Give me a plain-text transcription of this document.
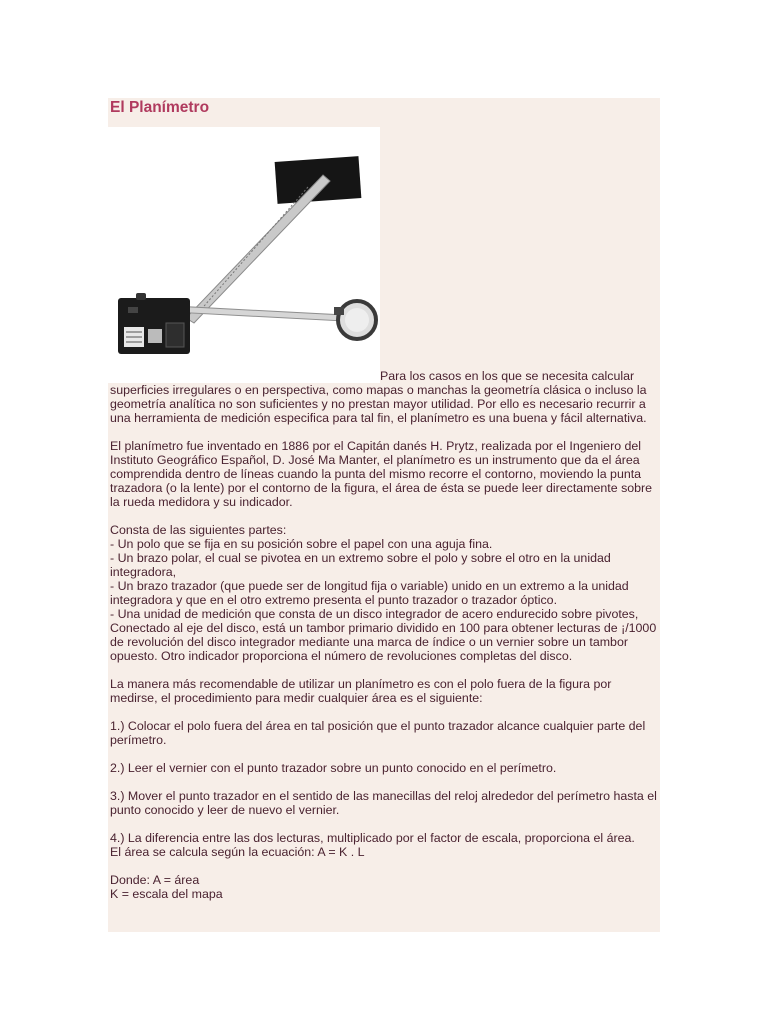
El Planímetro

Para los casos en los que se necesita calcular superficies irregulares o en perspectiva, como mapas o manchas la geometría clásica o incluso la geometría analítica no son suficientes y no prestan mayor utilidad. Por ello es necesario recurrir a una herramienta de medición especifica para tal fin, el planímetro es una buena y fácil alternativa.

El planímetro fue inventado en 1886 por el Capitán danés H. Prytz, realizada por el Ingeniero del Instituto Geográfico Español, D. José Ma Manter, el planímetro es un instrumento que da el área comprendida dentro de líneas cuando la punta del mismo recorre el contorno, moviendo la punta trazadora (o la lente) por el contorno de la figura, el área de ésta se puede leer directamente sobre la rueda medidora y su indicador.

Consta de las siguientes partes:
- Un polo que se fija en su posición sobre el papel con una aguja fina.
- Un brazo polar, el cual se pivotea en un extremo sobre el polo y sobre el otro en la unidad integradora,
- Un brazo trazador (que puede ser de longitud fija o variable) unido en un extremo a la unidad integradora y que en el otro extremo presenta el punto trazador o trazador óptico.
- Una unidad de medición que consta de un disco integrador de acero endurecido sobre pivotes, Conectado al eje del disco, está un tambor primario dividido en 100 para obtener lecturas de ¡/1000 de revolución del disco integrador mediante una marca de índice o un vernier sobre un tambor opuesto. Otro indicador proporciona el número de revoluciones completas del disco.

La manera más recomendable de utilizar un planímetro es con el polo fuera de la figura por medirse, el procedimiento para medir cualquier área es el siguiente:

1.) Colocar el polo fuera del área en tal posición que el punto trazador alcance cualquier parte del perímetro.

2.) Leer el vernier con el punto trazador sobre un punto conocido en el perímetro.

3.) Mover el punto trazador en el sentido de las manecillas del reloj alrededor del perímetro hasta el punto conocido y leer de nuevo el vernier.

4.) La diferencia entre las dos lecturas, multiplicado por el factor de escala, proporciona el área.
El área se calcula según la ecuación: A = K . L

Donde: A = área
K = escala del mapa
